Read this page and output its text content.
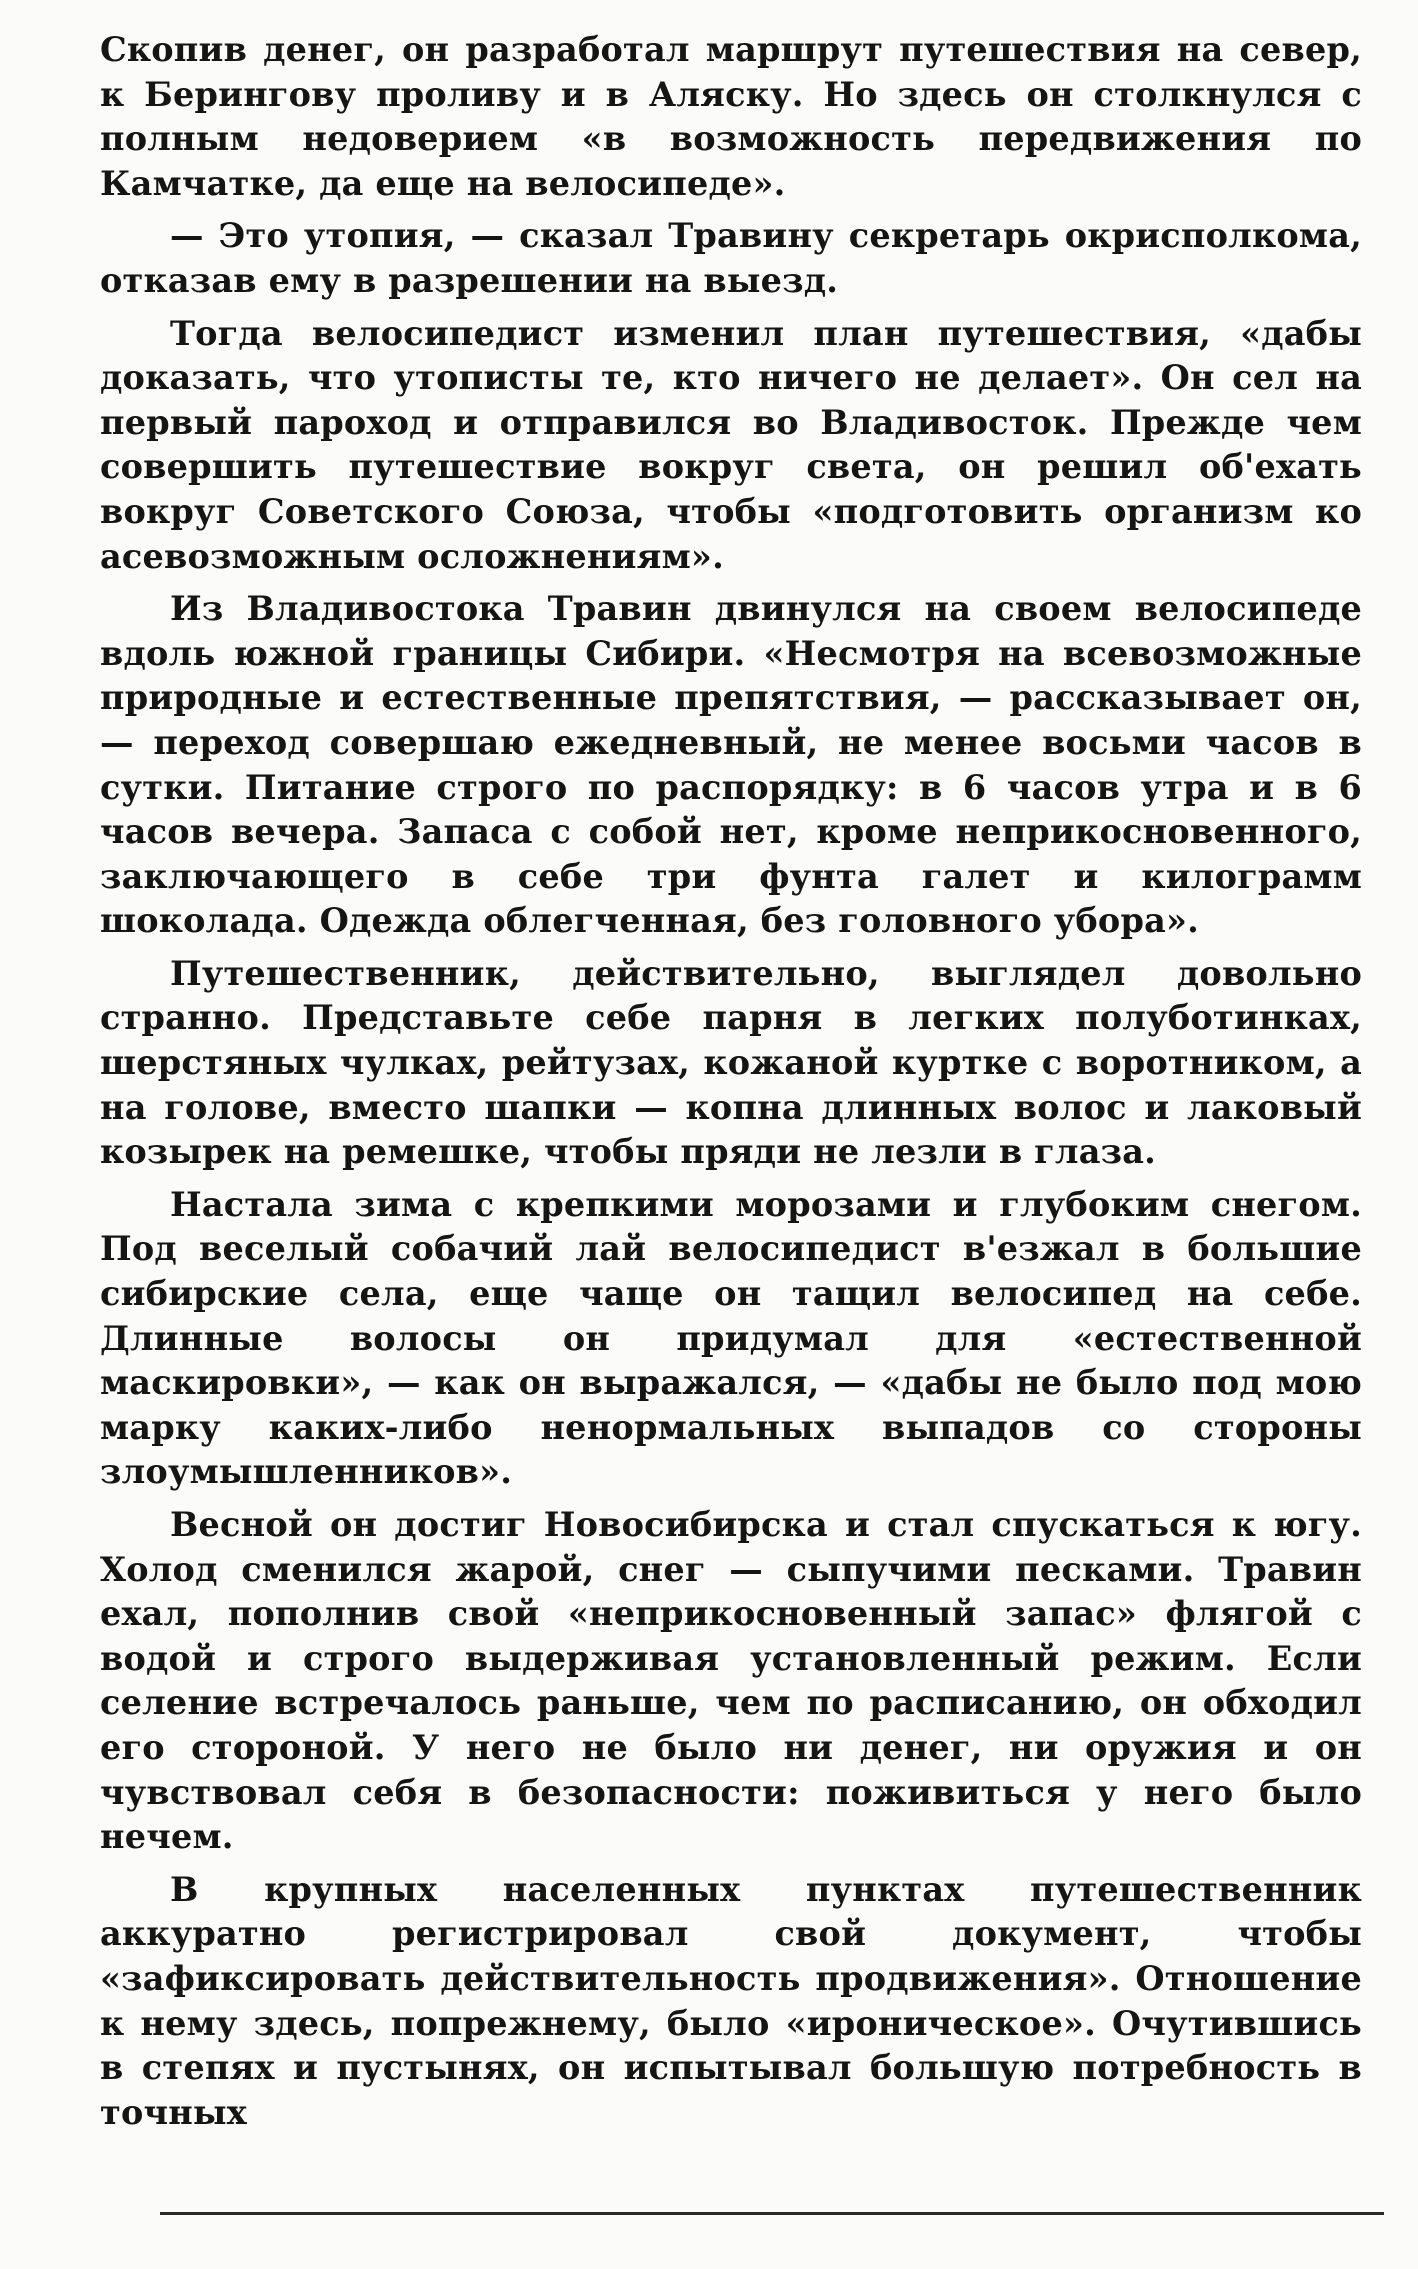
Скопив денег, он разработал маршрут путешествия на север, к Берингову проливу и в Аляску. Но здесь он столкнулся с полным недоверием «в возможность передвижения по Камчатке, да еще на велосипеде».

— Это утопия, — сказал Травину секретарь окрисполкома, отказав ему в разрешении на выезд.

Тогда велосипедист изменил план путешествия, «дабы доказать, что утописты те, кто ничего не делает». Он сел на первый пароход и отправился во Владивосток. Прежде чем совершить путешествие вокруг света, он решил об'ехать вокруг Советского Союза, чтобы «подготовить организм ко асевозможным осложнениям».

Из Владивостока Травин двинулся на своем велосипеде вдоль южной границы Сибири. «Несмотря на всевозможные природные и естественные препятствия, — рассказывает он, — переход совершаю ежедневный, не менее восьми часов в сутки. Питание строго по распорядку: в 6 часов утра и в 6 часов вечера. Запаса с собой нет, кроме неприкосновенного, заключающего в себе три фунта галет и килограмм шоколада. Одежда облегченная, без головного убора».

Путешественник, действительно, выглядел довольно странно. Представьте себе парня в легких полуботинках, шерстяных чулках, рейтузах, кожаной куртке с воротником, а на голове, вместо шапки — копна длинных волос и лаковый козырек на ремешке, чтобы пряди не лезли в глаза.

Настала зима с крепкими морозами и глубоким снегом. Под веселый собачий лай велосипедист в'езжал в большие сибирские села, еще чаще он тащил велосипед на себе. Длинные волосы он придумал для «естественной маскировки», — как он выражался, — «дабы не было под мою марку каких-либо ненормальных выпадов со стороны злоумышленников».

Весной он достиг Новосибирска и стал спускаться к югу. Холод сменился жарой, снег — сыпучими песками. Травин ехал, пополнив свой «неприкосновенный запас» флягой с водой и строго выдерживая установленный режим. Если селение встречалось раньше, чем по расписанию, он обходил его стороной. У него не было ни денег, ни оружия и он чувствовал себя в безопасности: поживиться у него было нечем.

В крупных населенных пунктах путешественник аккуратно регистрировал свой документ, чтобы «зафиксировать действительность продвижения». Отношение к нему здесь, попрежнему, было «ироническое». Очутившись в степях и пустынях, он испытывал большую потребность в точных
